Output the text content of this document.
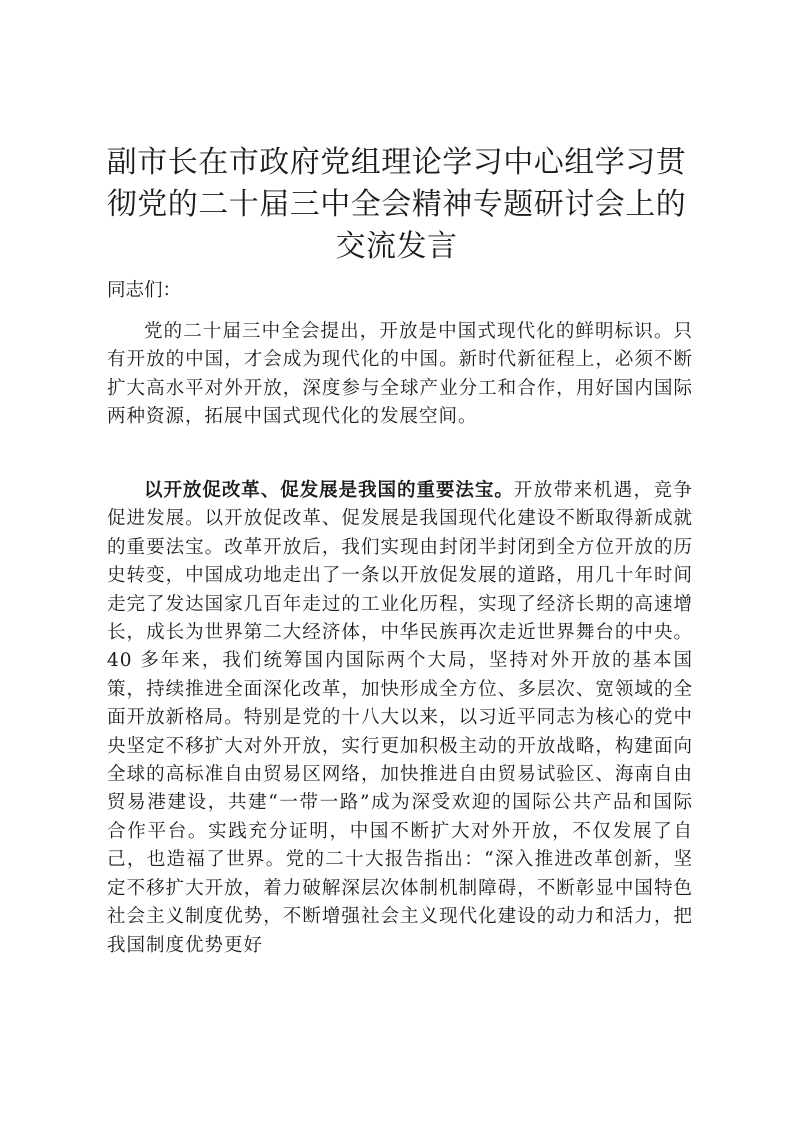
副市长在市政府党组理论学习中心组学习贯彻党的二十届三中全会精神专题研讨会上的交流发言

同志们：

党的二十届三中全会提出，开放是中国式现代化的鲜明标识。只有开放的中国，才会成为现代化的中国。新时代新征程上，必须不断扩大高水平对外开放，深度参与全球产业分工和合作，用好国内国际两种资源，拓展中国式现代化的发展空间。

以开放促改革、促发展是我国的重要法宝。开放带来机遇，竞争促进发展。以开放促改革、促发展是我国现代化建设不断取得新成就的重要法宝。改革开放后，我们实现由封闭半封闭到全方位开放的历史转变，中国成功地走出了一条以开放促发展的道路，用几十年时间走完了发达国家几百年走过的工业化历程，实现了经济长期的高速增长，成长为世界第二大经济体，中华民族再次走近世界舞台的中央。40 多年来，我们统筹国内国际两个大局，坚持对外开放的基本国策，持续推进全面深化改革，加快形成全方位、多层次、宽领域的全面开放新格局。特别是党的十八大以来，以习近平同志为核心的党中央坚定不移扩大对外开放，实行更加积极主动的开放战略，构建面向全球的高标准自由贸易区网络，加快推进自由贸易试验区、海南自由贸易港建设，共建“一带一路”成为深受欢迎的国际公共产品和国际合作平台。实践充分证明，中国不断扩大对外开放，不仅发展了自己，也造福了世界。党的二十大报告指出：“深入推进改革创新，坚定不移扩大开放，着力破解深层次体制机制障碍，不断彰显中国特色社会主义制度优势，不断增强社会主义现代化建设的动力和活力，把我国制度优势更好
